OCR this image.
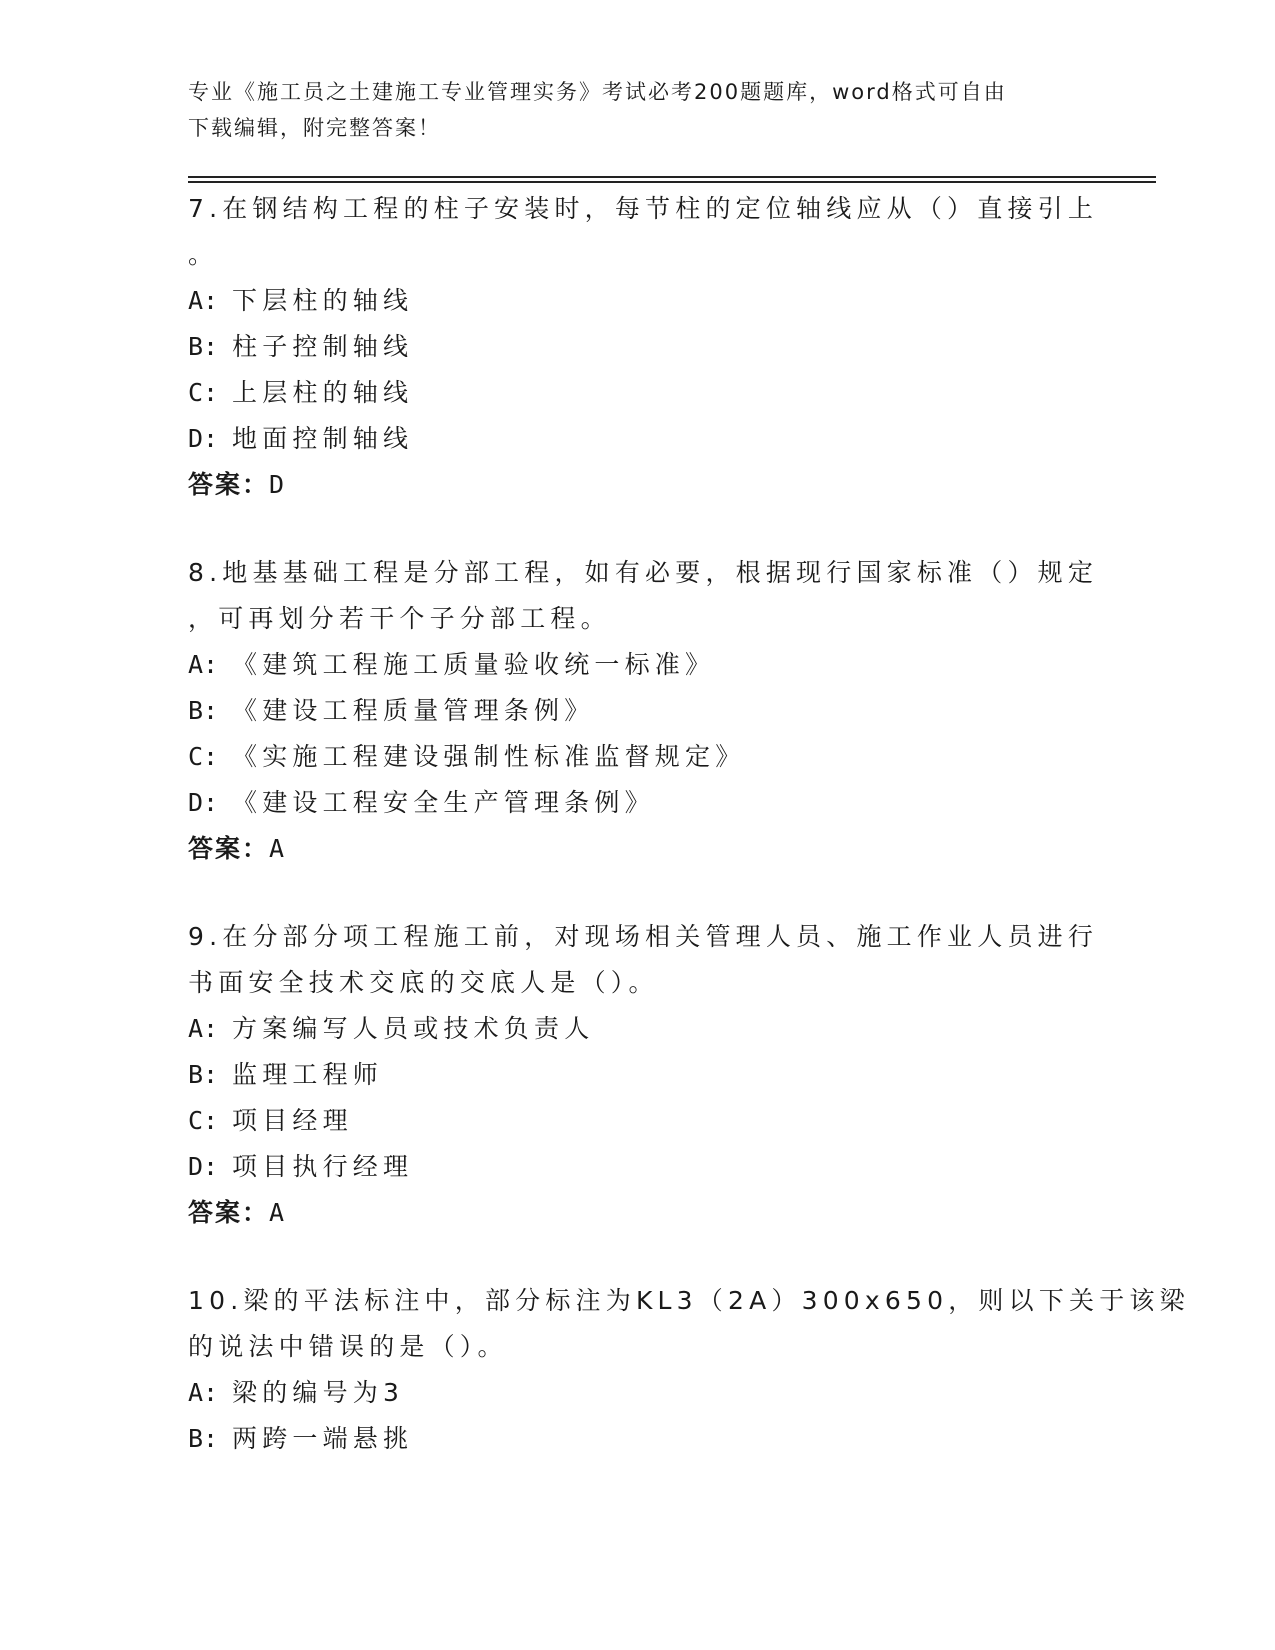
专业《施工员之土建施工专业管理实务》考试必考200题题库，word格式可自由
下载编辑，附完整答案！
7.在钢结构工程的柱子安装时，每节柱的定位轴线应从（）直接引上
。
A: 下层柱的轴线
B: 柱子控制轴线
C: 上层柱的轴线
D: 地面控制轴线
答案：D
8.地基基础工程是分部工程，如有必要，根据现行国家标准（）规定
，可再划分若干个子分部工程。
A: 《建筑工程施工质量验收统一标准》
B: 《建设工程质量管理条例》
C: 《实施工程建设强制性标准监督规定》
D: 《建设工程安全生产管理条例》
答案：A
9.在分部分项工程施工前，对现场相关管理人员、施工作业人员进行
书面安全技术交底的交底人是（）。
A: 方案编写人员或技术负责人
B: 监理工程师
C: 项目经理
D: 项目执行经理
答案：A
10.梁的平法标注中，部分标注为KL3（2A）300x650，则以下关于该梁
的说法中错误的是（）。
A: 梁的编号为3
B: 两跨一端悬挑
